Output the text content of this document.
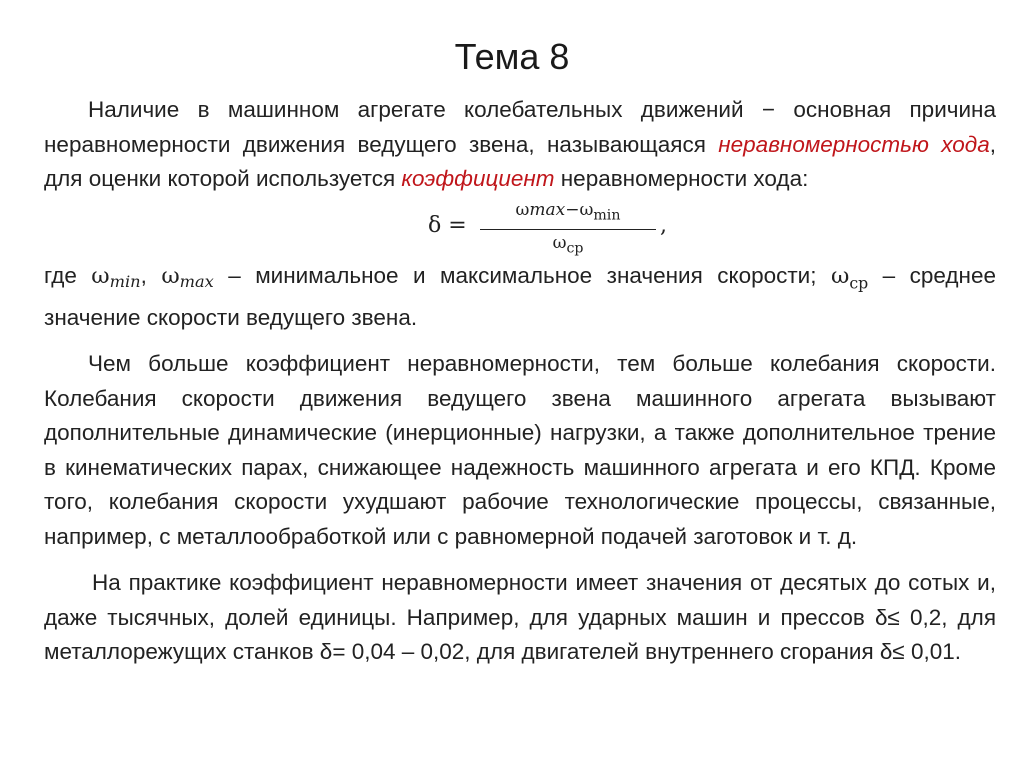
Тема 8

Наличие в машинном агрегате колебательных движений − основная причина неравномерности движения ведущего звена, называющаяся неравномерностью хода, для оценки которой используется коэффициент неравномерности хода:

δ =
$\omega\max-\omega_{min}$
$\omega_{ср}$
,

где ωmin, ωmax – минимальное и максимальное значения скорости; $\omega_{ср}$ – среднее значение скорости ведущего звена.

Чем больше коэффициент неравномерности, тем больше колебания скорости. Колебания скорости движения ведущего звена машинного агрегата вызывают дополнительные динамические (инерционные) нагрузки, а также дополнительное трение в кинематических парах, снижающее надежность машинного агрегата и его КПД. Кроме того, колебания скорости ухудшают рабочие технологические процессы, связанные, например, с металлообработкой или с равномерной подачей заготовок и т. д.

На практике коэффициент неравномерности имеет значения от десятых до сотых и, даже тысячных, долей единицы. Например, для ударных машин и прессов δ≤ 0,2, для металлорежущих станков δ= 0,04 – 0,02, для двигателей внутреннего сгорания δ≤ 0,01.
